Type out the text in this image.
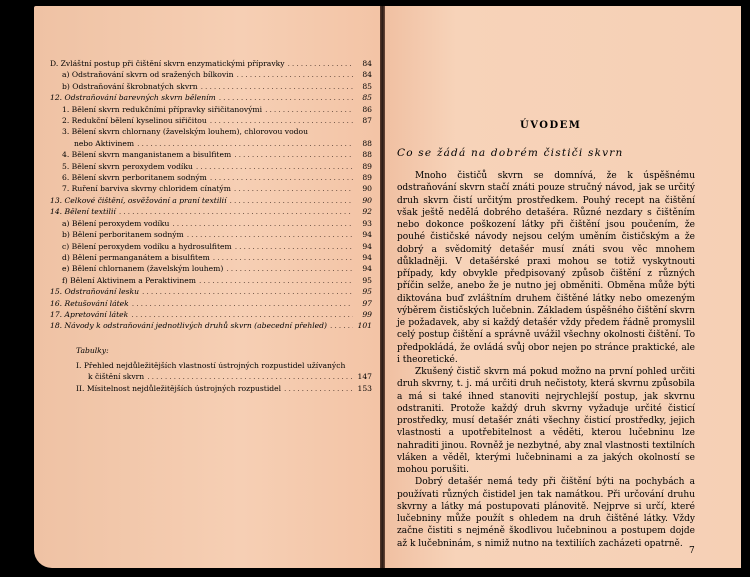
D. Zvláštní postup při čištění skvrn enzymatickými přípravky .....	84
a) Odstraňování skvrn od sražených bílkovin .....	84
b) Odstraňování škrobnatých skvrn .....	85
12. Odstraňování barevných skvrn bělením .....	85
1. Bělení skvrn redukčními přípravky siřičitanovými .....	86
2. Redukční bělení kyselinou siřičitou .....	87
3. Bělení skvrn chlornany (žavelským louhem), chlorovou vodou
nebo Aktivinem .....	88
4. Bělení skvrn manganistanem a bisulfitem .....	88
5. Bělení skvrn peroxydem vodíku .....	89
6. Bělení skvrn perboritanem sodným .....	89
7. Ruření barviva skvrny chloridem cínatým .....	90
13. Celkové čištění, osvěžování a praní textilií .....	90
14. Bělení textilií .....	92
a) Bělení peroxydem vodíku .....	93
b) Bělení perboritanem sodným .....	94
c) Bělení peroxydem vodíku a hydrosulfitem .....	94
d) Bělení permanganátem a bisulfitem .....	94
e) Bělení chlornanem (žavelským louhem) .....	94
f) Bělení Aktivinem a Peraktivinem .....	95
15. Odstraňování lesku .....	95
16. Retušování látek .....	97
17. Apretování látek .....	99
18. Návody k odstraňování jednotlivých druhů skvrn (abecední přehled) .....	101
Tabulky:
I. Přehled nejdůležitějších vlastností ústrojných rozpustidel užívaných
k čištění skvrn .....	147
II. Mísitelnost nejdůležitějších ústrojných rozpustidel .....	153
ÚVODEM
Co se žádá na dobrém čističi skvrn

Mnoho čističů skvrn se domnívá, že k úspěšnému odstraňování skvrn stačí znáti pouze stručný návod, jak se určitý druh skvrn čistí určitým prostředkem. Pouhý recept na čištění však ještě nedělá dobrého detašéra. Různé nezdary s čištěním nebo dokonce poškození látky při čištění jsou poučením, že pouhé čističské návody nejsou celým uměním čističským a že dobrý a svědomitý detašér musí znáti svou věc mnohem důkladněji. V detašérské praxi mohou se totiž vyskytnouti případy, kdy obvykle předpisovaný způsob čištění z různých příčin selže, anebo že je nutno jej obměniti. Obměna může býti diktována buď zvláštním druhem čištěné látky nebo omezeným výběrem čističských lučebnin. Základem úspěšného čištění skvrn je požadavek, aby si každý detašér vždy předem řádně promyslil celý postup čištění a správně uvážil všechny okolnosti čištění. To předpokládá, že ovládá svůj obor nejen po stránce praktické, ale i theoretické.

Zkušený čistič skvrn má pokud možno na první pohled určiti druh skvrny, t. j. má určiti druh nečistoty, která skvrnu způsobila a má si také ihned stanoviti nejrychlejší postup, jak skvrnu odstraniti. Protože každý druh skvrny vyžaduje určité čisticí prostředky, musí detašér znáti všechny čisticí prostředky, jejich vlastnosti a upotřebitelnost a věděti, kterou lučebninu lze nahraditi jinou. Rovněž je nezbytné, aby znal vlastnosti textilních vláken a věděl, kterými lučebninami a za jakých okolností se mohou porušiti.

Dobrý detašér nemá tedy při čištění býti na pochybách a používati různých čistidel jen tak namátkou. Při určování druhu skvrny a látky má postupovati plánovitě. Nejprve si určí, které lučebniny může použít s ohledem na druh čištěné látky. Vždy začne čistiti s nejméně škodlivou lučebninou a postupem dojde až k lučebninám, s nimiž nutno na textiliích zacházeti opatrně.

7
